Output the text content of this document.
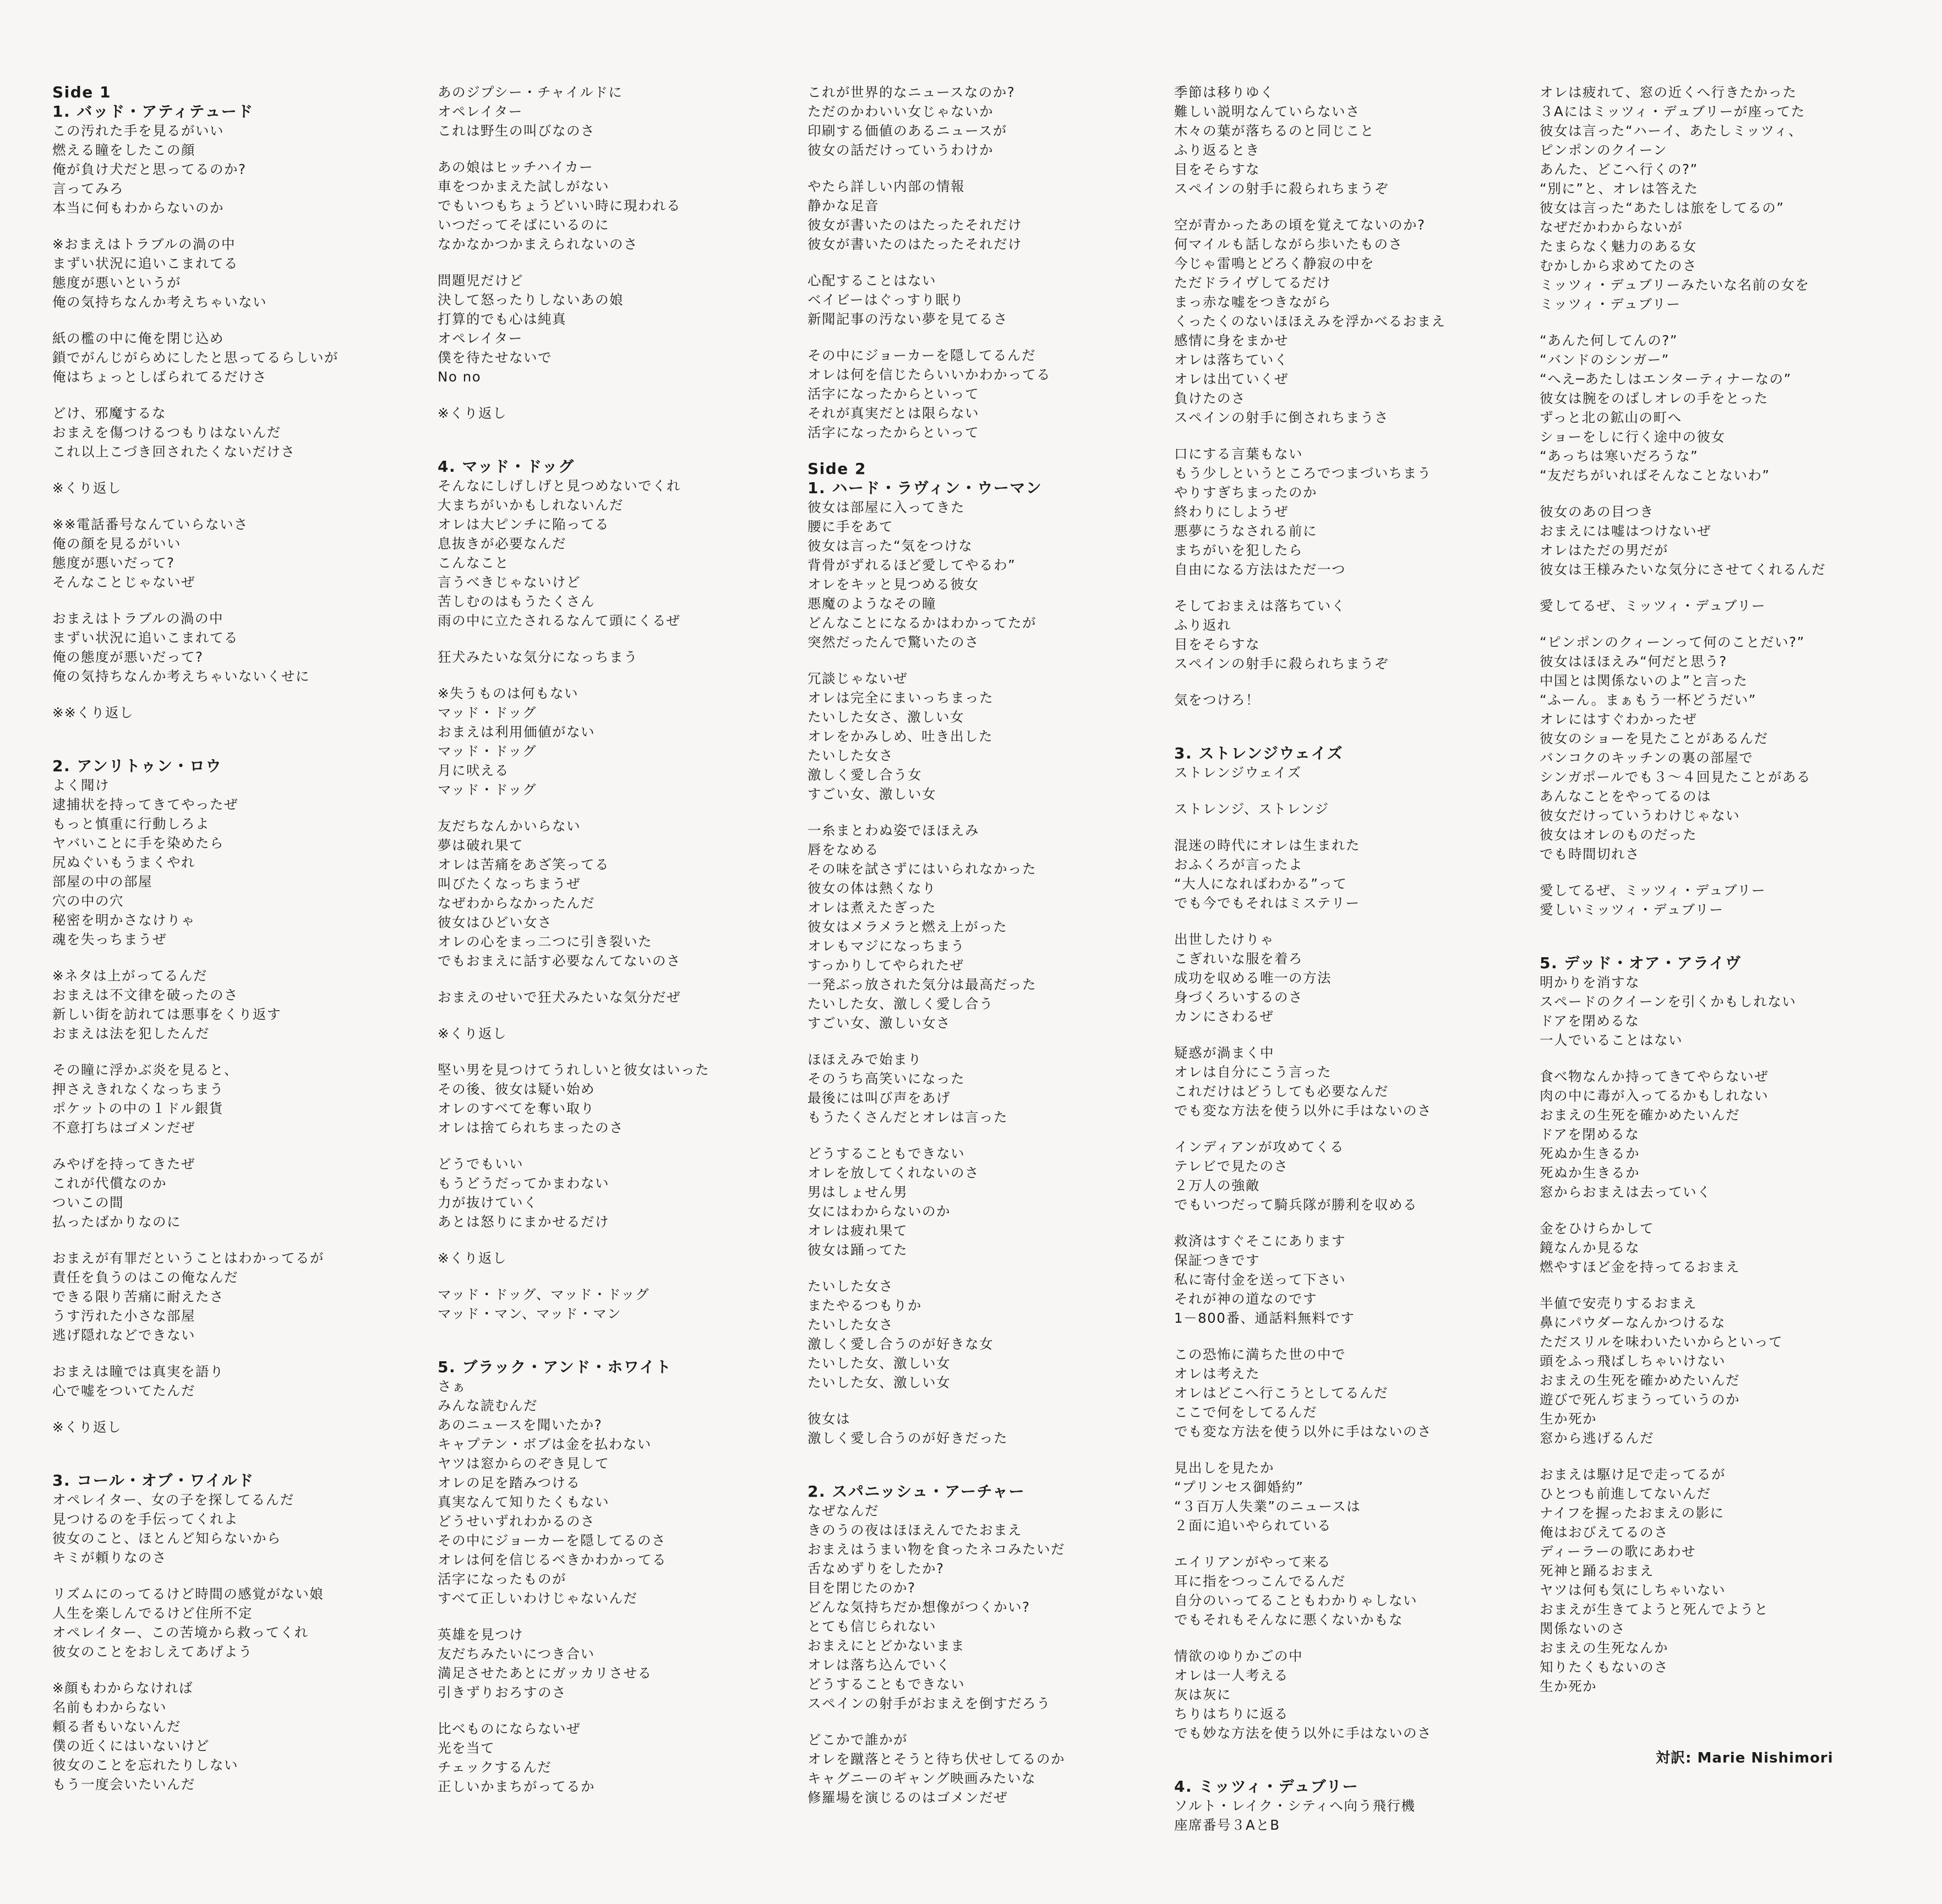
Side 1
1. バッド・アティテュード
この汚れた手を見るがいい
燃える瞳をしたこの顔
俺が負け犬だと思ってるのか?
言ってみろ
本当に何もわからないのか
※おまえはトラブルの渦の中
まずい状況に追いこまれてる
態度が悪いというが
俺の気持ちなんか考えちゃいない
紙の檻の中に俺を閉じ込め
鎖でがんじがらめにしたと思ってるらしいが
俺はちょっとしばられてるだけさ
どけ、邪魔するな
おまえを傷つけるつもりはないんだ
これ以上こづき回されたくないだけさ
※くり返し
※※電話番号なんていらないさ
俺の顔を見るがいい
態度が悪いだって?
そんなことじゃないぜ
おまえはトラブルの渦の中
まずい状況に追いこまれてる
俺の態度が悪いだって?
俺の気持ちなんか考えちゃいないくせに
※※くり返し
2. アンリトゥン・ロウ
よく聞け
逮捕状を持ってきてやったぜ
もっと慎重に行動しろよ
ヤバいことに手を染めたら
尻ぬぐいもうまくやれ
部屋の中の部屋
穴の中の穴
秘密を明かさなけりゃ
魂を失っちまうぜ
※ネタは上がってるんだ
おまえは不文律を破ったのさ
新しい街を訪れては悪事をくり返す
おまえは法を犯したんだ
その瞳に浮かぶ炎を見ると、
押さえきれなくなっちまう
ポケットの中の１ドル銀貨
不意打ちはゴメンだぜ
みやげを持ってきたぜ
これが代償なのか
ついこの間
払ったばかりなのに
おまえが有罪だということはわかってるが
責任を負うのはこの俺なんだ
できる限り苦痛に耐えたさ
うす汚れた小さな部屋
逃げ隠れなどできない
おまえは瞳では真実を語り
心で嘘をついてたんだ
※くり返し
3. コール・オブ・ワイルド
オペレイター、女の子を探してるんだ
見つけるのを手伝ってくれよ
彼女のこと、ほとんど知らないから
キミが頼りなのさ
リズムにのってるけど時間の感覚がない娘
人生を楽しんでるけど住所不定
オペレイター、この苦境から救ってくれ
彼女のことをおしえてあげよう
※顔もわからなければ
名前もわからない
頼る者もいないんだ
僕の近くにはいないけど
彼女のことを忘れたりしない
もう一度会いたいんだ
あのジプシー・チャイルドに
オペレイター
これは野生の叫びなのさ
あの娘はヒッチハイカー
車をつかまえた試しがない
でもいつもちょうどいい時に現われる
いつだってそばにいるのに
なかなかつかまえられないのさ
問題児だけど
決して怒ったりしないあの娘
打算的でも心は純真
オペレイター
僕を待たせないで
No no
※くり返し
4. マッド・ドッグ
そんなにしげしげと見つめないでくれ
大まちがいかもしれないんだ
オレは大ピンチに陥ってる
息抜きが必要なんだ
こんなこと
言うべきじゃないけど
苦しむのはもうたくさん
雨の中に立たされるなんて頭にくるぜ
狂犬みたいな気分になっちまう
※失うものは何もない
マッド・ドッグ
おまえは利用価値がない
マッド・ドッグ
月に吠える
マッド・ドッグ
友だちなんかいらない
夢は破れ果て
オレは苦痛をあざ笑ってる
叫びたくなっちまうぜ
なぜわからなかったんだ
彼女はひどい女さ
オレの心をまっ二つに引き裂いた
でもおまえに話す必要なんてないのさ
おまえのせいで狂犬みたいな気分だぜ
※くり返し
堅い男を見つけてうれしいと彼女はいった
その後、彼女は疑い始め
オレのすべてを奪い取り
オレは捨てられちまったのさ
どうでもいい
もうどうだってかまわない
力が抜けていく
あとは怒りにまかせるだけ
※くり返し
マッド・ドッグ、マッド・ドッグ
マッド・マン、マッド・マン
5. ブラック・アンド・ホワイト
さぁ
みんな読むんだ
あのニュースを聞いたか?
キャプテン・ボブは金を払わない
ヤツは窓からのぞき見して
オレの足を踏みつける
真実なんて知りたくもない
どうせいずれわかるのさ
その中にジョーカーを隠してるのさ
オレは何を信じるべきかわかってる
活字になったものが
すべて正しいわけじゃないんだ
英雄を見つけ
友だちみたいにつき合い
満足させたあとにガッカリさせる
引きずりおろすのさ
比べものにならないぜ
光を当て
チェックするんだ
正しいかまちがってるか
これが世界的なニュースなのか?
ただのかわいい女じゃないか
印刷する価値のあるニュースが
彼女の話だけっていうわけか
やたら詳しい内部の情報
静かな足音
彼女が書いたのはたったそれだけ
彼女が書いたのはたったそれだけ
心配することはない
ベイビーはぐっすり眠り
新聞記事の汚ない夢を見てるさ
その中にジョーカーを隠してるんだ
オレは何を信じたらいいかわかってる
活字になったからといって
それが真実だとは限らない
活字になったからといって
Side 2
1. ハード・ラヴィン・ウーマン
彼女は部屋に入ってきた
腰に手をあて
彼女は言った“気をつけな
背骨がずれるほど愛してやるわ”
オレをキッと見つめる彼女
悪魔のようなその瞳
どんなことになるかはわかってたが
突然だったんで驚いたのさ
冗談じゃないぜ
オレは完全にまいっちまった
たいした女さ、激しい女
オレをかみしめ、吐き出した
たいした女さ
激しく愛し合う女
すごい女、激しい女
一糸まとわぬ姿でほほえみ
唇をなめる
その味を試さずにはいられなかった
彼女の体は熱くなり
オレは煮えたぎった
彼女はメラメラと燃え上がった
オレもマジになっちまう
すっかりしてやられたぜ
一発ぶっ放された気分は最高だった
たいした女、激しく愛し合う
すごい女、激しい女さ
ほほえみで始まり
そのうち高笑いになった
最後には叫び声をあげ
もうたくさんだとオレは言った
どうすることもできない
オレを放してくれないのさ
男はしょせん男
女にはわからないのか
オレは疲れ果て
彼女は踊ってた
たいした女さ
またやるつもりか
たいした女さ
激しく愛し合うのが好きな女
たいした女、激しい女
たいした女、激しい女
彼女は
激しく愛し合うのが好きだった
2. スパニッシュ・アーチャー
なぜなんだ
きのうの夜はほほえんでたおまえ
おまえはうまい物を食ったネコみたいだ
舌なめずりをしたか?
目を閉じたのか?
どんな気持ちだか想像がつくかい?
とても信じられない
おまえにとどかないまま
オレは落ち込んでいく
どうすることもできない
スペインの射手がおまえを倒すだろう
どこかで誰かが
オレを蹴落とそうと待ち伏せしてるのか
キャグニーのギャング映画みたいな
修羅場を演じるのはゴメンだぜ
季節は移りゆく
難しい説明なんていらないさ
木々の葉が落ちるのと同じこと
ふり返るとき
目をそらすな
スペインの射手に殺られちまうぞ
空が青かったあの頃を覚えてないのか?
何マイルも話しながら歩いたものさ
今じゃ雷鳴とどろく静寂の中を
ただドライヴしてるだけ
まっ赤な嘘をつきながら
くったくのないほほえみを浮かべるおまえ
感情に身をまかせ
オレは落ちていく
オレは出ていくぜ
負けたのさ
スペインの射手に倒されちまうさ
口にする言葉もない
もう少しというところでつまづいちまう
やりすぎちまったのか
終わりにしようぜ
悪夢にうなされる前に
まちがいを犯したら
自由になる方法はただ一つ
そしておまえは落ちていく
ふり返れ
目をそらすな
スペインの射手に殺られちまうぞ
気をつけろ！
3. ストレンジウェイズ
ストレンジウェイズ
ストレンジ、ストレンジ
混迷の時代にオレは生まれた
おふくろが言ったよ
“大人になればわかる”って
でも今でもそれはミステリー
出世したけりゃ
こぎれいな服を着ろ
成功を収める唯一の方法
身づくろいするのさ
カンにさわるぜ
疑惑が渦まく中
オレは自分にこう言った
これだけはどうしても必要なんだ
でも変な方法を使う以外に手はないのさ
インディアンが攻めてくる
テレビで見たのさ
２万人の強敵
でもいつだって騎兵隊が勝利を収める
救済はすぐそこにあります
保証つきです
私に寄付金を送って下さい
それが神の道なのです
1－800番、通話料無料です
この恐怖に満ちた世の中で
オレは考えた
オレはどこへ行こうとしてるんだ
ここで何をしてるんだ
でも変な方法を使う以外に手はないのさ
見出しを見たか
“プリンセス御婚約”
“３百万人失業”のニュースは
２面に追いやられている
エイリアンがやって来る
耳に指をつっこんでるんだ
自分のいってることもわかりゃしない
でもそれもそんなに悪くないかもな
情欲のゆりかごの中
オレは一人考える
灰は灰に
ちりはちりに返る
でも妙な方法を使う以外に手はないのさ
4. ミッツィ・デュブリー
ソルト・レイク・シティへ向う飛行機
座席番号３AとB
オレは疲れて、窓の近くへ行きたかった
３Aにはミッツィ・デュブリーが座ってた
彼女は言った“ハーイ、あたしミッツィ、
ピンポンのクイーン
あんた、どこへ行くの?”
“別に”と、オレは答えた
彼女は言った“あたしは旅をしてるの”
なぜだかわからないが
たまらなく魅力のある女
むかしから求めてたのさ
ミッツィ・デュブリーみたいな名前の女を
ミッツィ・デュブリー
“あんた何してんの?”
“バンドのシンガー”
“へえ─あたしはエンターティナーなの”
彼女は腕をのばしオレの手をとった
ずっと北の鉱山の町へ
ショーをしに行く途中の彼女
“あっちは寒いだろうな”
“友だちがいればそんなことないわ”
彼女のあの目つき
おまえには嘘はつけないぜ
オレはただの男だが
彼女は王様みたいな気分にさせてくれるんだ
愛してるぜ、ミッツィ・デュブリー
“ピンポンのクィーンって何のことだい?”
彼女はほほえみ“何だと思う?
中国とは関係ないのよ”と言った
“ふーん。まぁもう一杯どうだい”
オレにはすぐわかったぜ
彼女のショーを見たことがあるんだ
バンコクのキッチンの裏の部屋で
シンガポールでも３～４回見たことがある
あんなことをやってるのは
彼女だけっていうわけじゃない
彼女はオレのものだった
でも時間切れさ
愛してるぜ、ミッツィ・デュブリー
愛しいミッツィ・デュブリー
5. デッド・オア・アライヴ
明かりを消すな
スペードのクイーンを引くかもしれない
ドアを閉めるな
一人でいることはない
食べ物なんか持ってきてやらないぜ
肉の中に毒が入ってるかもしれない
おまえの生死を確かめたいんだ
ドアを閉めるな
死ぬか生きるか
死ぬか生きるか
窓からおまえは去っていく
金をひけらかして
鏡なんか見るな
燃やすほど金を持ってるおまえ
半値で安売りするおまえ
鼻にパウダーなんかつけるな
ただスリルを味わいたいからといって
頭をふっ飛ばしちゃいけない
おまえの生死を確かめたいんだ
遊びで死んぢまうっていうのか
生か死か
窓から逃げるんだ
おまえは駆け足で走ってるが
ひとつも前進してないんだ
ナイフを握ったおまえの影に
俺はおびえてるのさ
ディーラーの歌にあわせ
死神と踊るおまえ
ヤツは何も気にしちゃいない
おまえが生きてようと死んでようと
関係ないのさ
おまえの生死なんか
知りたくもないのさ
生か死か
対訳: Marie Nishimori
